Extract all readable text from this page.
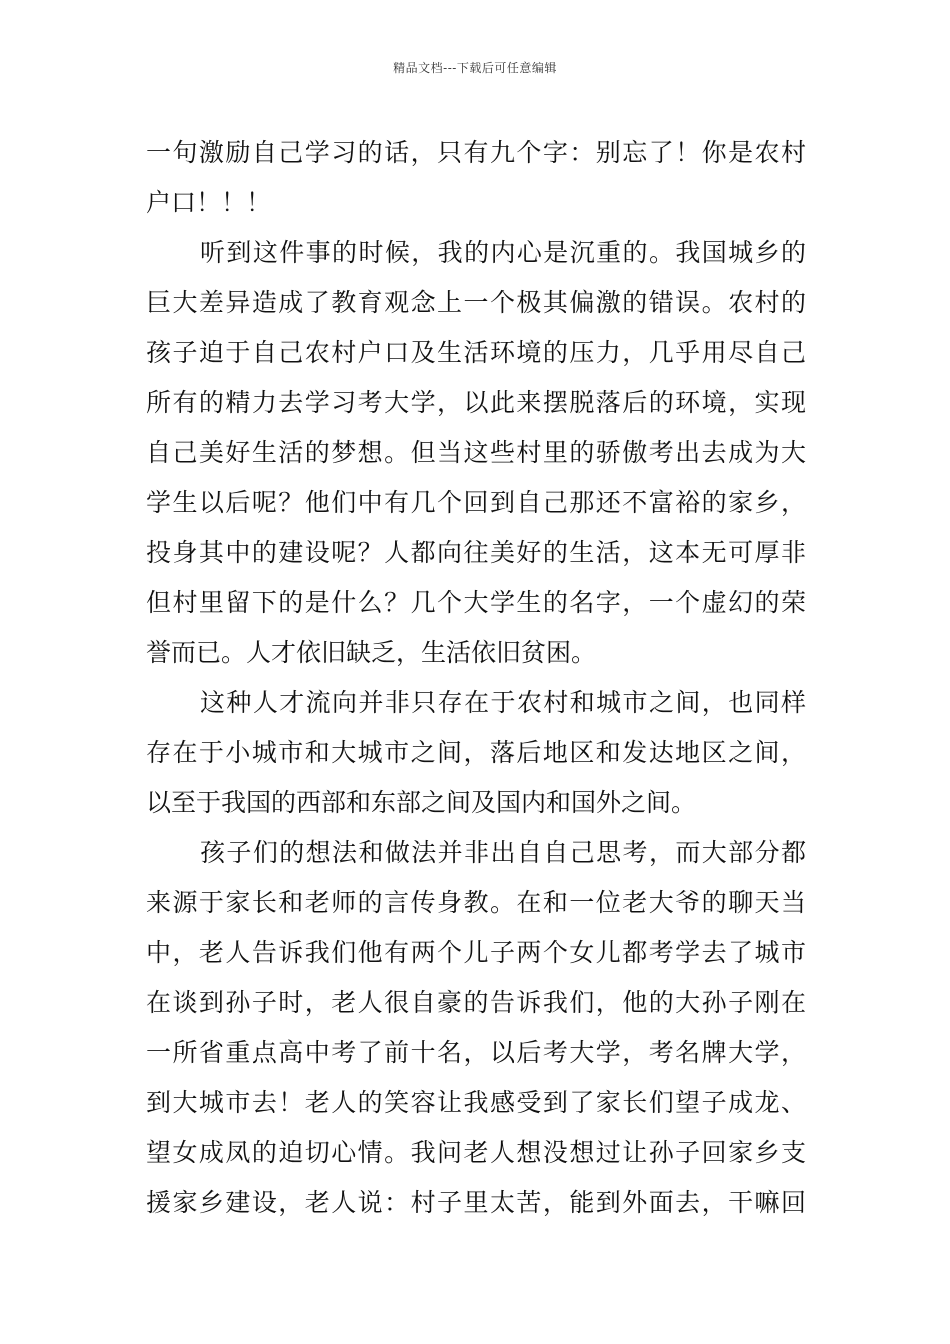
精品文档---下载后可任意编辑
一句激励自己学习的话，只有九个字：别忘了！你是农村
户口！！！
听到这件事的时候，我的内心是沉重的。我国城乡的
巨大差异造成了教育观念上一个极其偏激的错误。农村的
孩子迫于自己农村户口及生活环境的压力，几乎用尽自己
所有的精力去学习考大学，以此来摆脱落后的环境，实现
自己美好生活的梦想。但当这些村里的骄傲考出去成为大
学生以后呢？他们中有几个回到自己那还不富裕的家乡，
投身其中的建设呢？人都向往美好的生活，这本无可厚非
但村里留下的是什么？几个大学生的名字，一个虚幻的荣
誉而已。人才依旧缺乏，生活依旧贫困。
这种人才流向并非只存在于农村和城市之间，也同样
存在于小城市和大城市之间，落后地区和发达地区之间，
以至于我国的西部和东部之间及国内和国外之间。
孩子们的想法和做法并非出自自己思考，而大部分都
来源于家长和老师的言传身教。在和一位老大爷的聊天当
中，老人告诉我们他有两个儿子两个女儿都考学去了城市
在谈到孙子时，老人很自豪的告诉我们，他的大孙子刚在
一所省重点高中考了前十名，以后考大学，考名牌大学，
到大城市去！老人的笑容让我感受到了家长们望子成龙、
望女成凤的迫切心情。我问老人想没想过让孙子回家乡支
援家乡建设，老人说：村子里太苦，能到外面去，干嘛回
